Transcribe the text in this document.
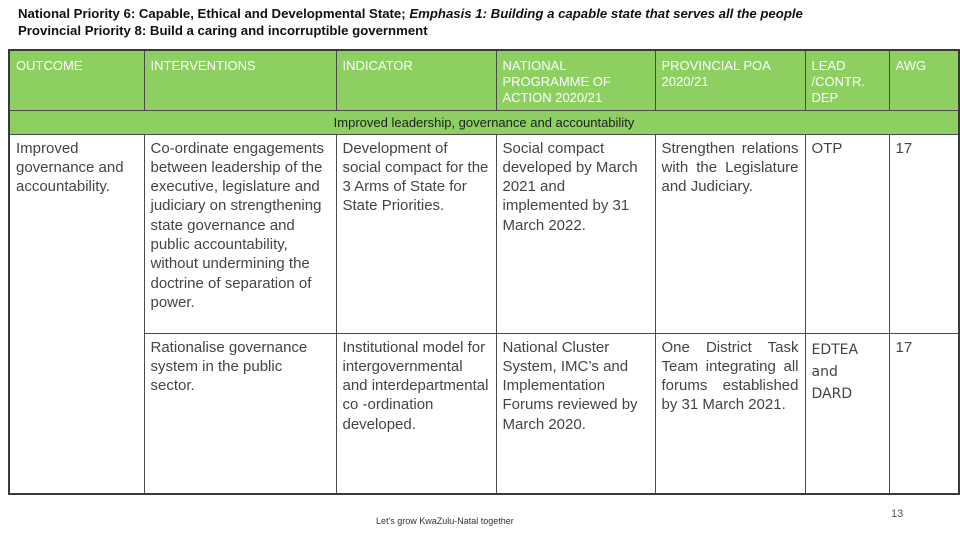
National Priority 6: Capable, Ethical and Developmental State; Emphasis 1: Building a capable state that serves all the people
Provincial Priority 8: Build a caring and incorruptible government
OUTCOME	INTERVENTIONS	INDICATOR	NATIONAL PROGRAMME OF ACTION 2020/21	PROVINCIAL POA 2020/21	LEAD /CONTR. DEP	AWG
Improved leadership, governance and accountability						
Improved governance and accountability.	Co-ordinate engagements between leadership of the executive, legislature and judiciary on strengthening state governance and public accountability, without undermining the doctrine of separation of power.	Development of social compact for the 3 Arms of State for State Priorities.	Social compact developed by March 2021 and implemented by 31 March 2022.	Strengthen relations with the Legislature and Judiciary.	OTP	17
	Rationalise governance system in the public sector.	Institutional model for intergovernmental and interdepartmental co -ordination developed.	National Cluster System, IMC’s and Implementation Forums reviewed by March 2020.	One District Task Team integrating all forums established by 31 March 2021.	EDTEA and DARD	17
Let's grow KwaZulu-Natal together
13
